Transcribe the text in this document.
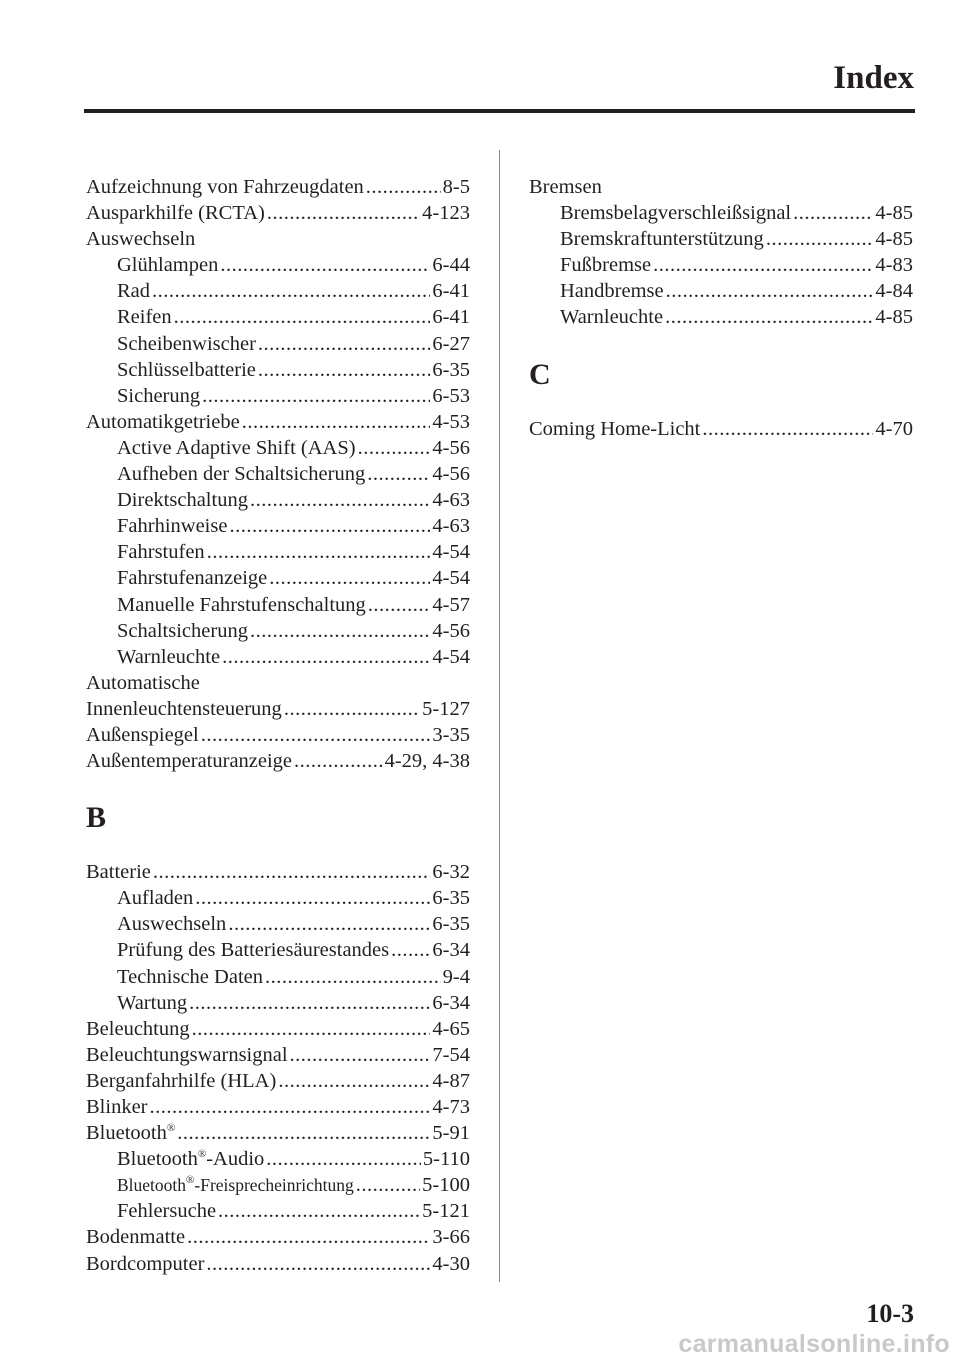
Index
Aufzeichnung von Fahrzeugdaten .....	8-5
Ausparkhilfe (RCTA) .....	4-123
Auswechseln
Glühlampen .....	6-44
Rad .....	6-41
Reifen .....	6-41
Scheibenwischer .....	6-27
Schlüsselbatterie .....	6-35
Sicherung .....	6-53
Automatikgetriebe .....	4-53
Active Adaptive Shift (AAS) .....	4-56
Aufheben der Schaltsicherung .....	4-56
Direktschaltung .....	4-63
Fahrhinweise .....	4-63
Fahrstufen .....	4-54
Fahrstufenanzeige .....	4-54
Manuelle Fahrstufenschaltung .....	4-57
Schaltsicherung .....	4-56
Warnleuchte .....	4-54
Automatische
Innenleuchtensteuerung .....	5-127
Außenspiegel .....	3-35
Außentemperaturanzeige .....	4-29, 4-38
B
Batterie .....	6-32
Aufladen .....	6-35
Auswechseln .....	6-35
Prüfung des Batteriesäurestandes ..... 6-34
Technische Daten .....	9-4
Wartung .....	6-34
Beleuchtung .....	4-65
Beleuchtungswarnsignal .....	7-54
Berganfahrhilfe (HLA) .....	4-87
Blinker .....	4-73
Bluetooth® .....	5-91
Bluetooth®-Audio .....	5-110
Bluetooth®-Freisprecheinrichtung .....	5-100
Fehlersuche .....	5-121
Bodenmatte .....	3-66
Bordcomputer .....	4-30
Bremsen
Bremsbelagverschleißsignal .....	4-85
Bremskraftunterstützung .....	4-85
Fußbremse .....	4-83
Handbremse .....	4-84
Warnleuchte .....	4-85
C
Coming Home-Licht .....	4-70
10-3
carmanualsonline.info
